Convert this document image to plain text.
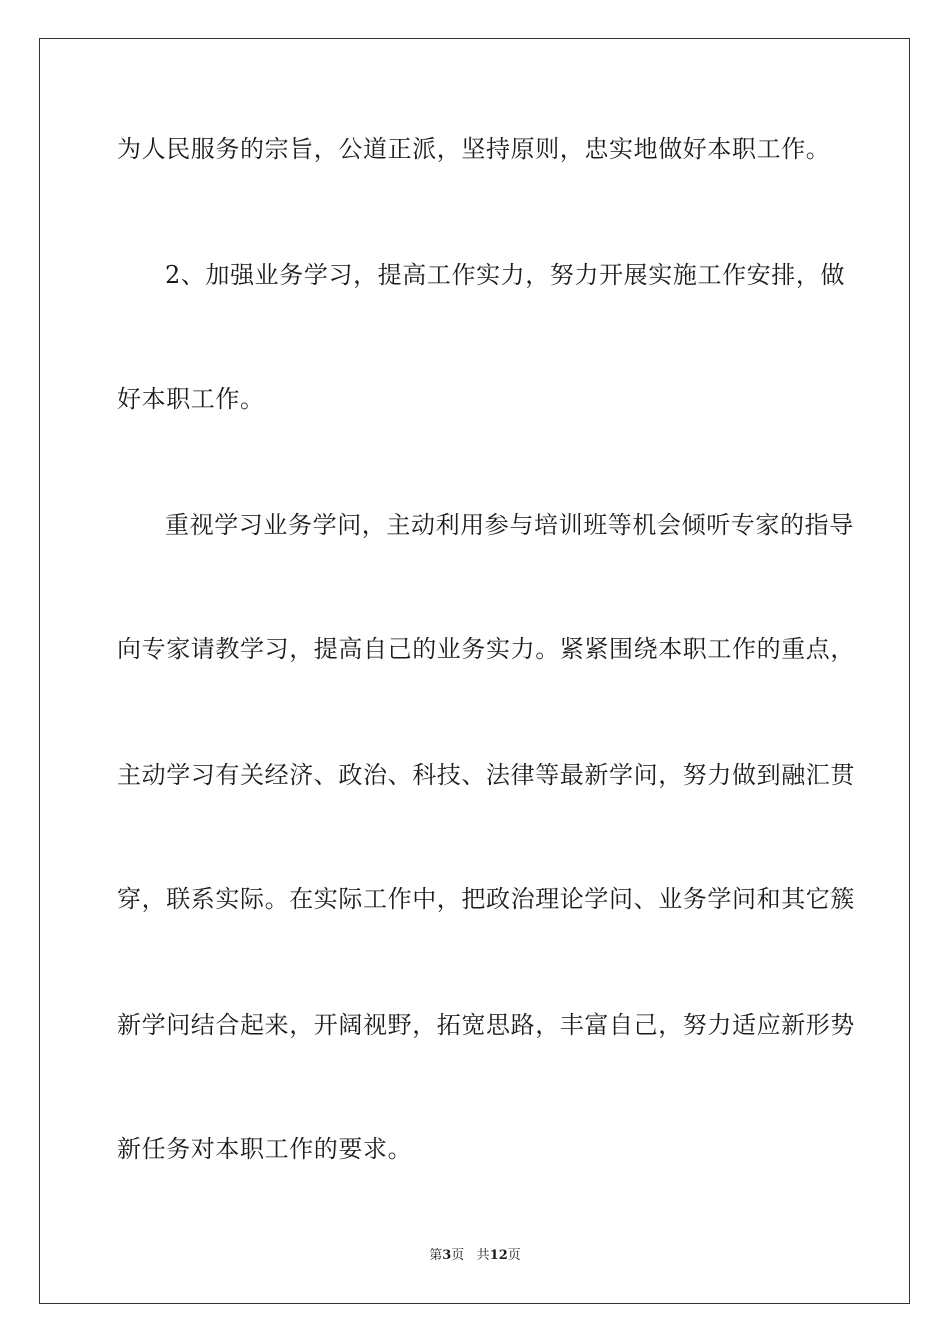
为人民服务的宗旨，公道正派，坚持原则，忠实地做好本职工作。
2、加强业务学习，提高工作实力，努力开展实施工作安排，做
好本职工作。
重视学习业务学问，主动利用参与培训班等机会倾听专家的指导
向专家请教学习，提高自己的业务实力。紧紧围绕本职工作的重点，
主动学习有关经济、政治、科技、法律等最新学问，努力做到融汇贯
穿，联系实际。在实际工作中，把政治理论学问、业务学问和其它簇
新学问结合起来，开阔视野，拓宽思路，丰富自己，努力适应新形势
新任务对本职工作的要求。
第3页 共12页
